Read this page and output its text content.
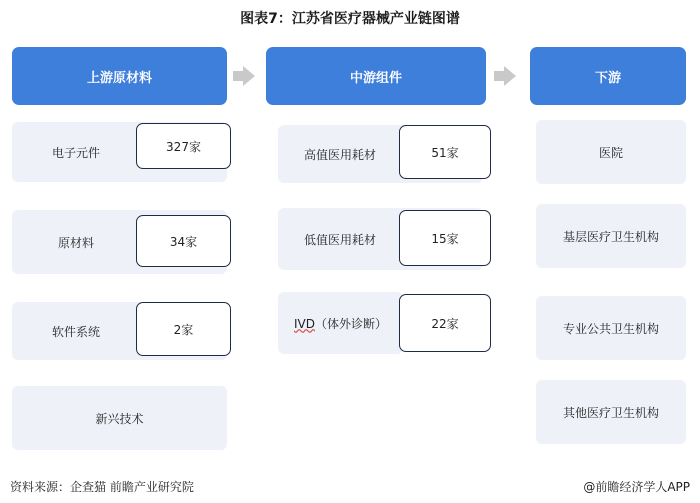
图表7：江苏省医疗器械产业链图谱
上游原材料	中游组件	下游
电子元件	327家
原材料	34家
软件系统	2家
新兴技术
高值医用耗材	51家
低值医用耗材	15家
IVD（体外诊断）	22家
医院
基层医疗卫生机构
专业公共卫生机构
其他医疗卫生机构
资料来源：企查猫 前瞻产业研究院	@前瞻经济学人APP
